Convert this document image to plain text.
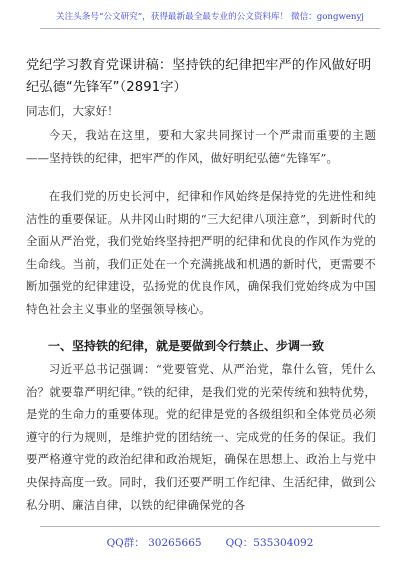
关注头条号“公文研究”，获得最新最全最专业的公文资料库！ 微信：gongwenyj
党纪学习教育党课讲稿：坚持铁的纪律把牢严的作风做好明纪弘德“先锋军”（2891字）
同志们，大家好！
今天，我站在这里，要和大家共同探讨一个严肃而重要的主题——坚持铁的纪律，把牢严的作风，做好明纪弘德“先锋军”。
在我们党的历史长河中，纪律和作风始终是保持党的先进性和纯洁性的重要保证。从井冈山时期的“三大纪律八项注意”，到新时代的全面从严治党，我们党始终坚持把严明的纪律和优良的作风作为党的生命线。当前，我们正处在一个充满挑战和机遇的新时代，更需要不断加强党的纪律建设，弘扬党的优良作风，确保我们党始终成为中国特色社会主义事业的坚强领导核心。
一、坚持铁的纪律，就是要做到令行禁止、步调一致
习近平总书记强调：“党要管党、从严治党，靠什么管，凭什么治？就要靠严明纪律。”铁的纪律，是我们党的光荣传统和独特优势，是党的生命力的重要体现。党的纪律是党的各级组织和全体党员必须遵守的行为规则，是维护党的团结统一、完成党的任务的保证。我们要严格遵守党的政治纪律和政治规矩，确保在思想上、政治上与党中央保持高度一致。同时，我们还要严明工作纪律、生活纪律，做到公私分明、廉洁自律，以铁的纪律确保党的各
QQ群： 30265665 QQ：535304092
